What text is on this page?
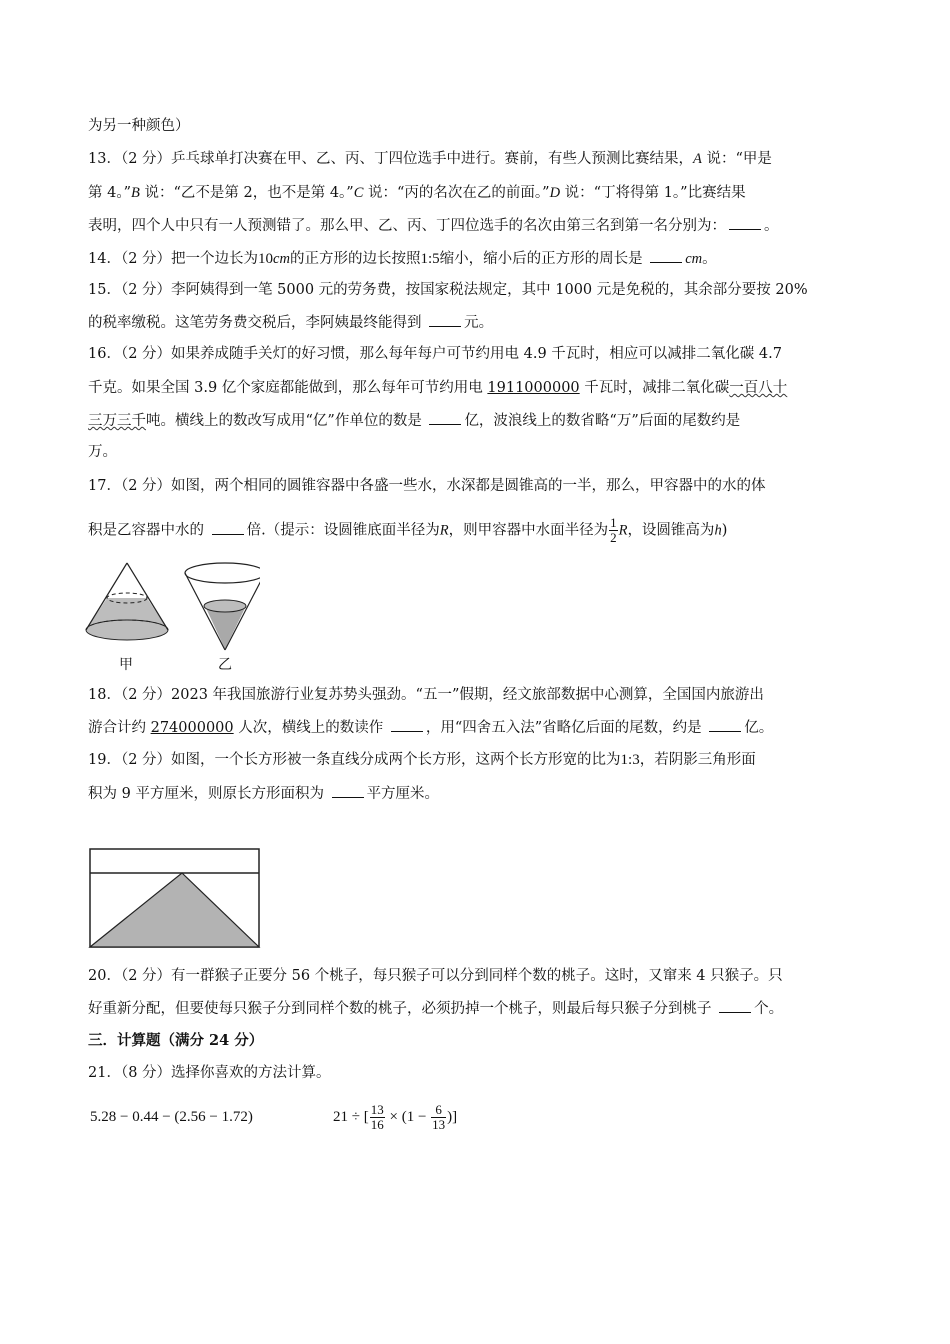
为另一种颜色）
13．（2 分）乒乓球单打决赛在甲、乙、丙、丁四位选手中进行。赛前，有些人预测比赛结果，A 说：“甲是
第 4。”B 说：“乙不是第 2，也不是第 4。”C 说：“丙的名次在乙的前面。”D 说：“丁将得第 1。”比赛结果
表明，四个人中只有一人预测错了。那么甲、乙、丙、丁四位选手的名次由第三名到第一名分别为：	。
14．（2 分）把一个边长为10cm的正方形的边长按照1:5缩小，缩小后的正方形的周长是	cm。
15．（2 分）李阿姨得到一笔 5000 元的劳务费，按国家税法规定，其中 1000 元是免税的，其余部分要按 20%
的税率缴税。这笔劳务费交税后，李阿姨最终能得到	元。
16．（2 分）如果养成随手关灯的好习惯，那么每年每户可节约用电 4.9 千瓦时，相应可以减排二氧化碳 4.7
千克。如果全国 3.9 亿个家庭都能做到，那么每年可节约用电 1911000000 千瓦时，减排二氧化碳一百八十
三万三千吨。横线上的数改写成用“亿”作单位的数是	亿，波浪线上的数省略“万”后面的尾数约是
万。
17．（2 分）如图，两个相同的圆锥容器中各盛一些水，水深都是圆锥高的一半，那么，甲容器中的水的体
积是乙容器中水的	倍.（提示：设圆锥底面半径为R，则甲容器中水面半径为 $\frac{1}{2}$ R，设圆锥高为h)
甲	乙
18．（2 分）2023 年我国旅游行业复苏势头强劲。“五一”假期，经文旅部数据中心测算，全国国内旅游出
游合计约 274000000 人次，横线上的数读作	，用“四舍五入法”省略亿后面的尾数，约是	亿。
19．（2 分）如图，一个长方形被一条直线分成两个长方形，这两个长方形宽的比为1:3，若阴影三角形面
积为 9 平方厘米，则原长方形面积为	平方厘米。
20．（2 分）有一群猴子正要分 56 个桃子，每只猴子可以分到同样个数的桃子。这时，又窜来 4 只猴子。只
好重新分配，但要使每只猴子分到同样个数的桃子，必须扔掉一个桃子，则最后每只猴子分到桃子	个。
三．计算题（满分 24 分）
21．（8 分）选择你喜欢的方法计算。
5.28 − 0.44 − (2.56 − 1.72)	21 ÷ [ $\frac{13}{16} \times (1 - \frac{6}{13}$ )]
